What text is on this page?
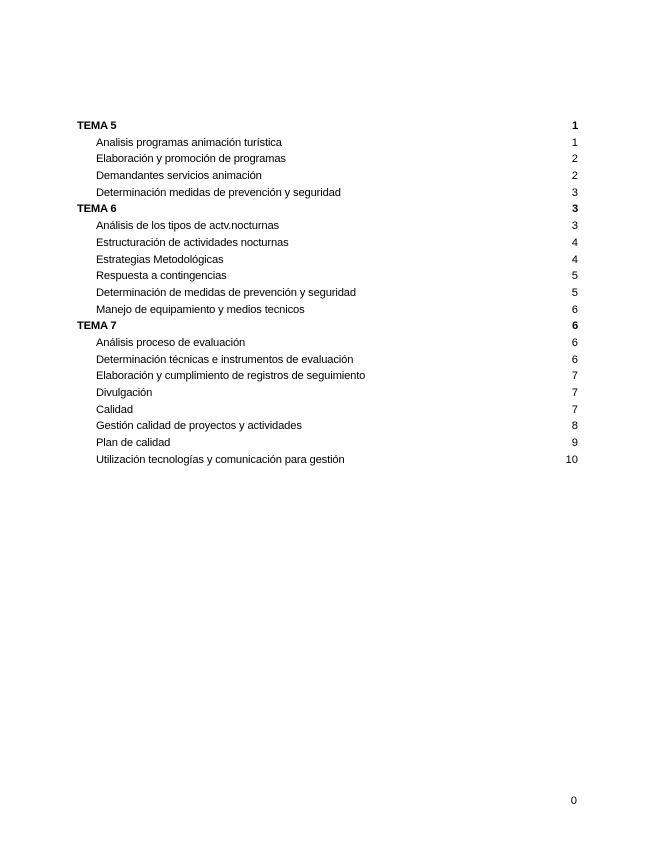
TEMA 5	1
Analisis programas animación turística	1
Elaboración y promoción de programas	2
Demandantes servicios animación	2
Determinación medidas de prevención y seguridad	3
TEMA 6	3
Análisis de los tipos de actv.nocturnas	3
Estructuración de actividades nocturnas	4
Estrategias Metodológicas	4
Respuesta a contingencias	5
Determinación de medidas de prevención y seguridad	5
Manejo de equipamiento y medios tecnicos	6
TEMA 7	6
Análisis proceso de evaluación	6
Determinación técnicas e instrumentos de evaluación	6
Elaboración y cumplimiento de registros de seguimiento	7
Divulgación	7
Calidad	7
Gestión calidad de proyectos y actividades	8
Plan de calidad	9
Utilización tecnologías y comunicación para gestión	10
0
